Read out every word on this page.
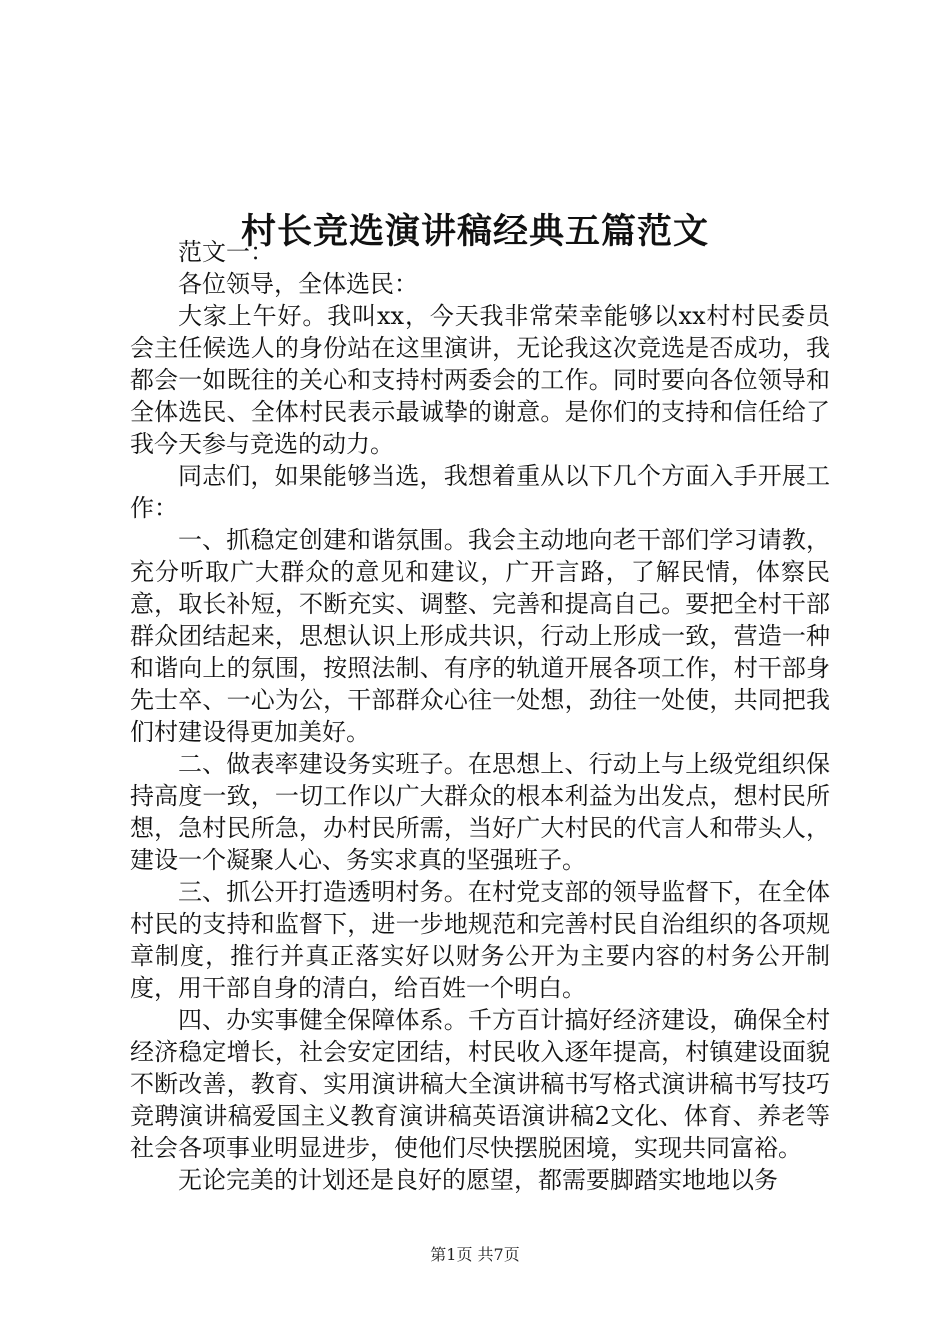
村长竞选演讲稿经典五篇范文

范文一：

各位领导，全体选民：

大家上午好。我叫xx，今天我非常荣幸能够以xx村村民委员会主任候选人的身份站在这里演讲，无论我这次竞选是否成功，我都会一如既往的关心和支持村两委会的工作。同时要向各位领导和全体选民、全体村民表示最诚挚的谢意。是你们的支持和信任给了我今天参与竞选的动力。

同志们，如果能够当选，我想着重从以下几个方面入手开展工作：

一、抓稳定创建和谐氛围。我会主动地向老干部们学习请教，充分听取广大群众的意见和建议，广开言路，了解民情，体察民意，取长补短，不断充实、调整、完善和提高自己。要把全村干部群众团结起来，思想认识上形成共识，行动上形成一致，营造一种和谐向上的氛围，按照法制、有序的轨道开展各项工作，村干部身先士卒、一心为公，干部群众心往一处想，劲往一处使，共同把我们村建设得更加美好。

二、做表率建设务实班子。在思想上、行动上与上级党组织保持高度一致，一切工作以广大群众的根本利益为出发点，想村民所想，急村民所急，办村民所需，当好广大村民的代言人和带头人，建设一个凝聚人心、务实求真的坚强班子。

三、抓公开打造透明村务。在村党支部的领导监督下，在全体村民的支持和监督下，进一步地规范和完善村民自治组织的各项规章制度，推行并真正落实好以财务公开为主要内容的村务公开制度，用干部自身的清白，给百姓一个明白。

四、办实事健全保障体系。千方百计搞好经济建设，确保全村经济稳定增长，社会安定团结，村民收入逐年提高，村镇建设面貌不断改善，教育、实用演讲稿大全演讲稿书写格式演讲稿书写技巧竞聘演讲稿爱国主义教育演讲稿英语演讲稿2文化、体育、养老等社会各项事业明显进步，使他们尽快摆脱困境，实现共同富裕。

无论完美的计划还是良好的愿望，都需要脚踏实地地以务

第1页 共7页
